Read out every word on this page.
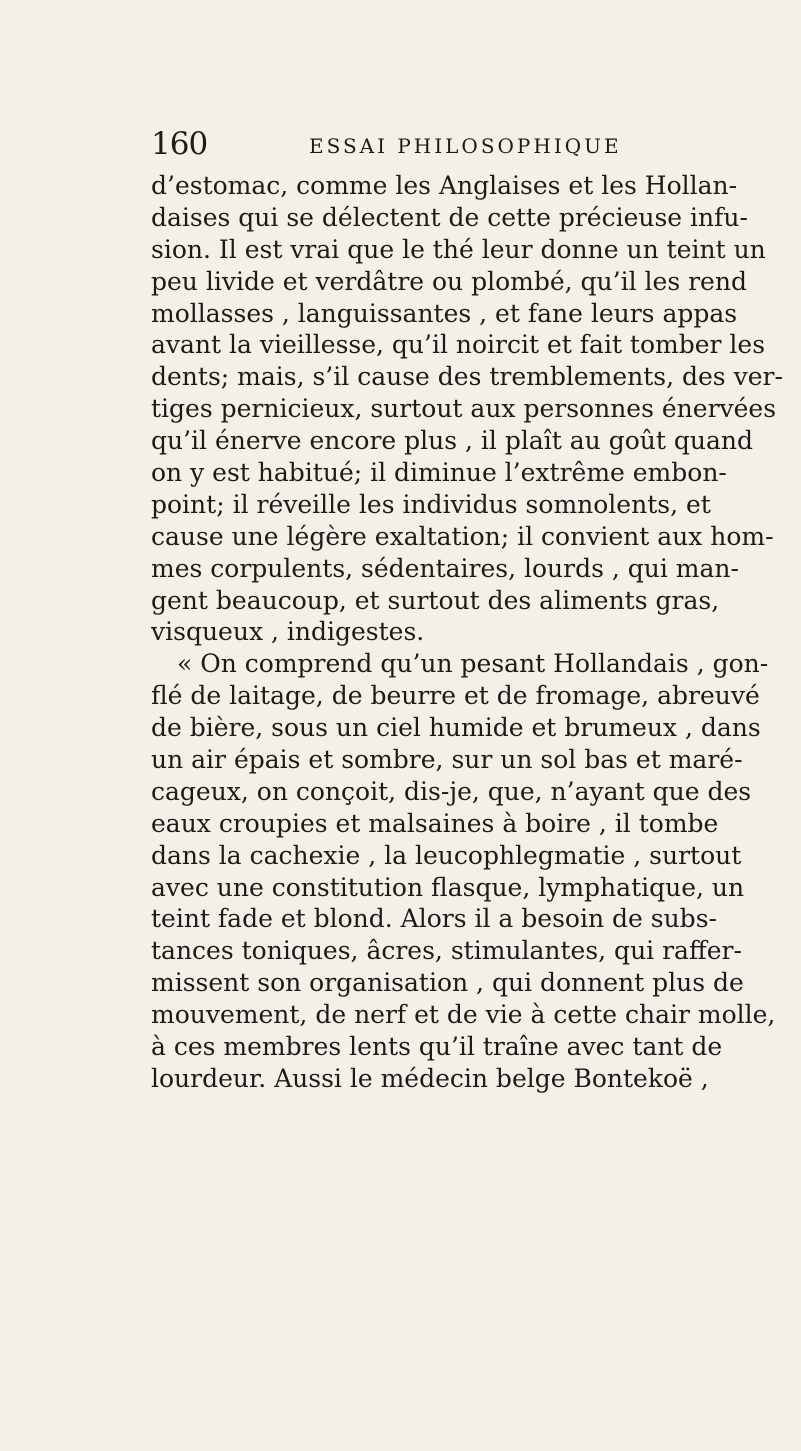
160	ESSAI PHILOSOPHIQUE
d’estomac, comme les Anglaises et les Hollan-
daises qui se délectent de cette précieuse infu-
sion. Il est vrai que le thé leur donne un teint un
peu livide et verdâtre ou plombé, qu’il les rend
mollasses , languissantes , et fane leurs appas
avant la vieillesse, qu’il noircit et fait tomber les
dents; mais, s’il cause des tremblements, des ver-
tiges pernicieux, surtout aux personnes énervées
qu’il énerve encore plus , il plaît au goût quand
on y est habitué; il diminue l’extrême embon-
point; il réveille les individus somnolents, et
cause une légère exaltation; il convient aux hom-
mes corpulents, sédentaires, lourds , qui man-
gent beaucoup, et surtout des aliments gras,
visqueux , indigestes.
« On comprend qu’un pesant Hollandais , gon-
flé de laitage, de beurre et de fromage, abreuvé
de bière, sous un ciel humide et brumeux , dans
un air épais et sombre, sur un sol bas et maré-
cageux, on conçoit, dis-je, que, n’ayant que des
eaux croupies et malsaines à boire , il tombe
dans la cachexie , la leucophlegmatie , surtout
avec une constitution flasque, lymphatique, un
teint fade et blond. Alors il a besoin de subs-
tances toniques, âcres, stimulantes, qui raffer-
missent son organisation , qui donnent plus de
mouvement, de nerf et de vie à cette chair molle,
à ces membres lents qu’il traîne avec tant de
lourdeur. Aussi le médecin belge Bontekoë ,
